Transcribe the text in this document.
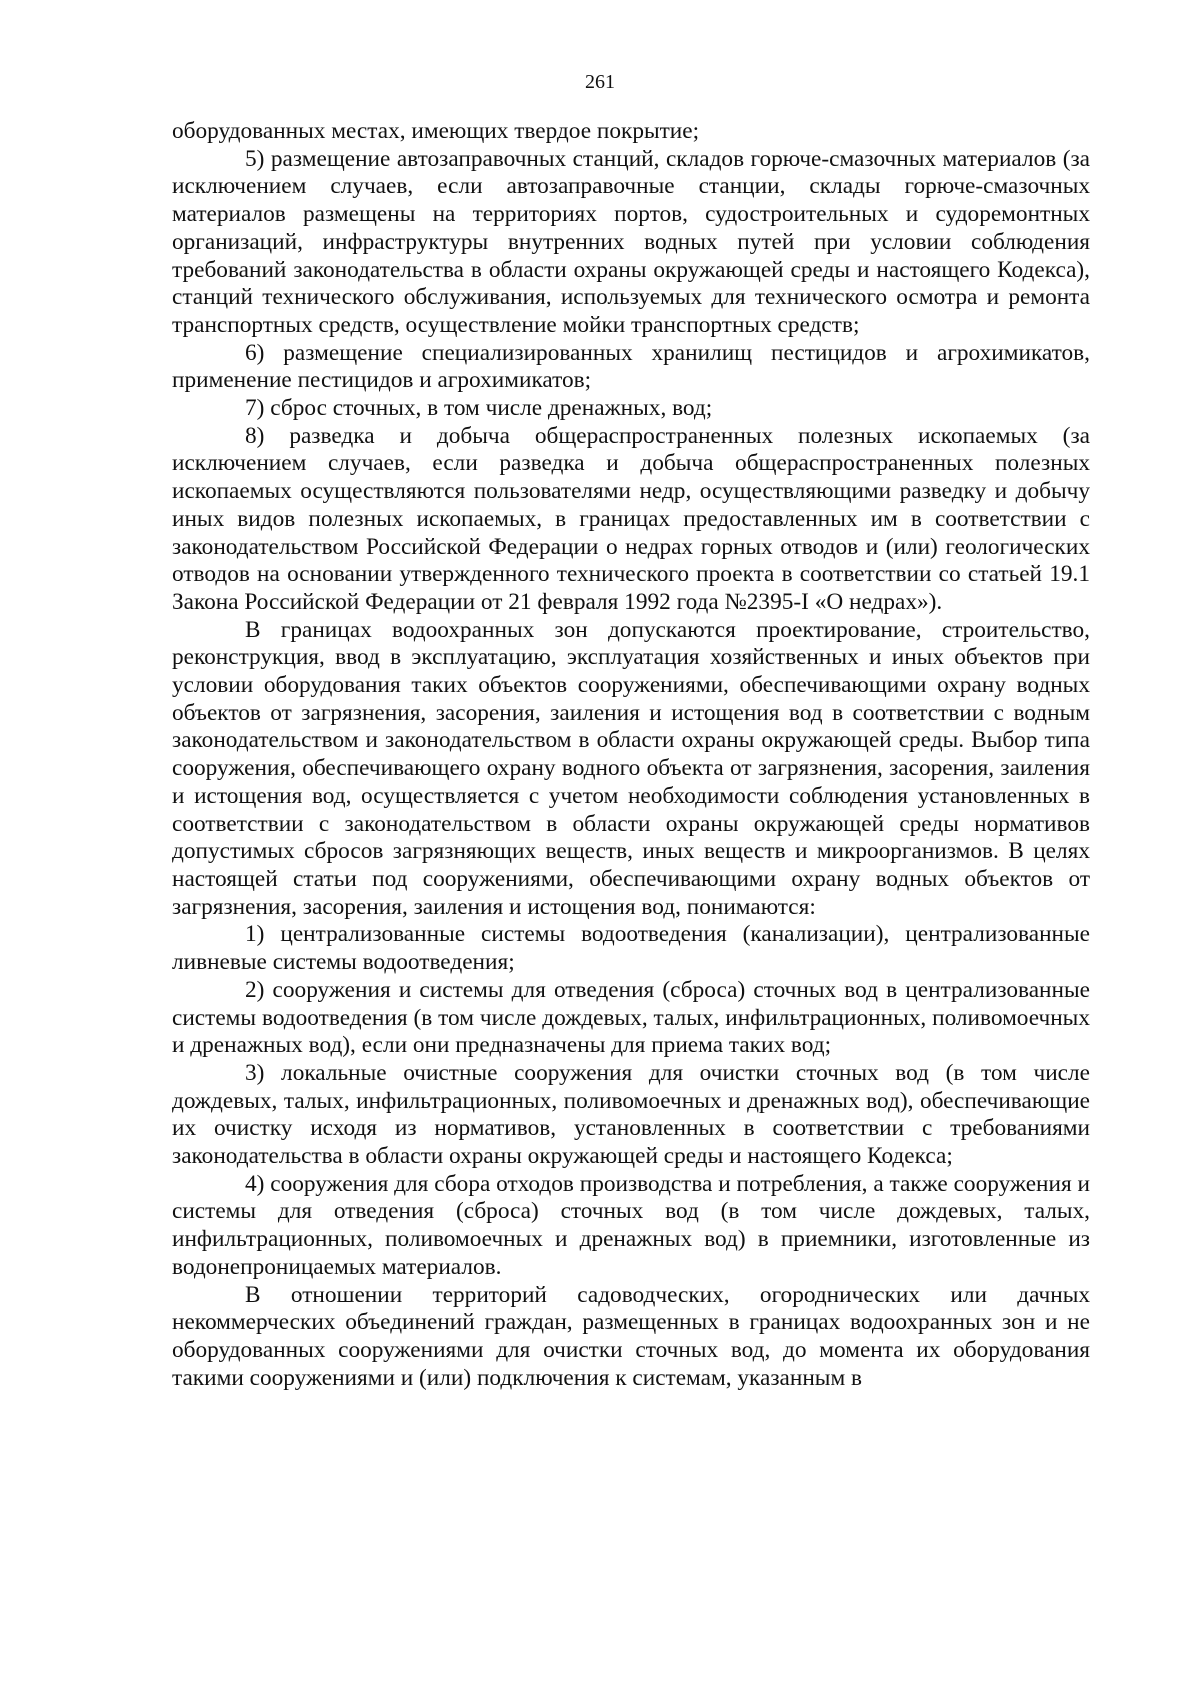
261

оборудованных местах, имеющих твердое покрытие;

5) размещение автозаправочных станций, складов горюче-смазочных материалов (за исключением случаев, если автозаправочные станции, склады горюче-смазочных материалов размещены на территориях портов, судостроительных и судоремонтных организаций, инфраструктуры внутренних водных путей при условии соблюдения требований законодательства в области охраны окружающей среды и настоящего Кодекса), станций технического обслуживания, используемых для технического осмотра и ремонта транспортных средств, осуществление мойки транспортных средств;

6) размещение специализированных хранилищ пестицидов и агрохимикатов, применение пестицидов и агрохимикатов;

7) сброс сточных, в том числе дренажных, вод;

8) разведка и добыча общераспространенных полезных ископаемых (за исключением случаев, если разведка и добыча общераспространенных полезных ископаемых осуществляются пользователями недр, осуществляющими разведку и добычу иных видов полезных ископаемых, в границах предоставленных им в соответствии с законодательством Российской Федерации о недрах горных отводов и (или) геологических отводов на основании утвержденного технического проекта в соответствии со статьей 19.1 Закона Российской Федерации от 21 февраля 1992 года №2395-I «О недрах»).

В границах водоохранных зон допускаются проектирование, строительство, реконструкция, ввод в эксплуатацию, эксплуатация хозяйственных и иных объектов при условии оборудования таких объектов сооружениями, обеспечивающими охрану водных объектов от загрязнения, засорения, заиления и истощения вод в соответствии с водным законодательством и законодательством в области охраны окружающей среды. Выбор типа сооружения, обеспечивающего охрану водного объекта от загрязнения, засорения, заиления и истощения вод, осуществляется с учетом необходимости соблюдения установленных в соответствии с законодательством в области охраны окружающей среды нормативов допустимых сбросов загрязняющих веществ, иных веществ и микроорганизмов. В целях настоящей статьи под сооружениями, обеспечивающими охрану водных объектов от загрязнения, засорения, заиления и истощения вод, понимаются:

1) централизованные системы водоотведения (канализации), централизованные ливневые системы водоотведения;

2) сооружения и системы для отведения (сброса) сточных вод в централизованные системы водоотведения (в том числе дождевых, талых, инфильтрационных, поливомоечных и дренажных вод), если они предназначены для приема таких вод;

3) локальные очистные сооружения для очистки сточных вод (в том числе дождевых, талых, инфильтрационных, поливомоечных и дренажных вод), обеспечивающие их очистку исходя из нормативов, установленных в соответствии с требованиями законодательства в области охраны окружающей среды и настоящего Кодекса;

4) сооружения для сбора отходов производства и потребления, а также сооружения и системы для отведения (сброса) сточных вод (в том числе дождевых, талых, инфильтрационных, поливомоечных и дренажных вод) в приемники, изготовленные из водонепроницаемых материалов.

В отношении территорий садоводческих, огороднических или дачных некоммерческих объединений граждан, размещенных в границах водоохранных зон и не оборудованных сооружениями для очистки сточных вод, до момента их оборудования такими сооружениями и (или) подключения к системам, указанным в
